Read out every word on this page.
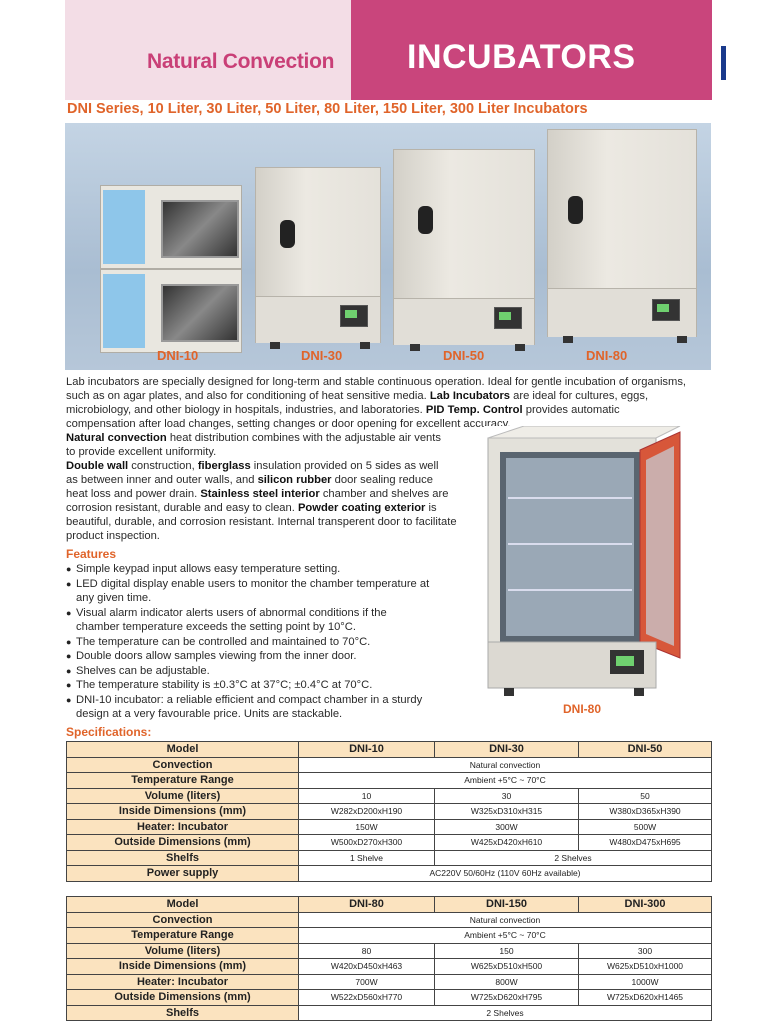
Natural Convection INCUBATORS
DNI Series, 10 Liter, 30 Liter, 50 Liter, 80 Liter, 150 Liter, 300 Liter Incubators
DNI-10	DNI-30	DNI-50	DNI-80
Lab incubators are specially designed for long-term and stable continuous operation. Ideal for gentle incubation of organisms,
such as on agar plates, and also for conditioning of heat sensitive media. Lab Incubators are ideal for cultures, eggs,
microbiology, and other biology in hospitals, industries, and laboratories. PID Temp. Control provides automatic
compensation after load changes, setting changes or door opening for excellent accuracy.
Natural convection heat distribution combines with the adjustable air vents
to provide excellent uniformity.
Double wall construction, fiberglass insulation provided on 5 sides as well
as between inner and outer walls, and silicon rubber door sealing reduce
heat loss and power drain. Stainless steel interior chamber and shelves are
corrosion resistant, durable and easy to clean. Powder coating exterior is
beautiful, durable, and corrosion resistant. Internal transperent door to facilitate
product inspection.
Features
● Simple keypad input allows easy temperature setting.
● LED digital display enable users to monitor the chamber temperature at any given time.
● Visual alarm indicator alerts users of abnormal conditions if the chamber temperature exceeds the setting point by 10°C.
● The temperature can be controlled and maintained to 70°C.
● Double doors allow samples viewing from the inner door.
● Shelves can be adjustable.
● The temperature stability is ±0.3°C at 37°C; ±0.4°C at 70°C.
● DNI-10 incubator: a reliable efficient and compact chamber in a sturdy design at a very favourable price. Units are stackable.	DNI-80
Specifications:
Model	DNI-10	DNI-30	DNI-50
Convection	Natural convection		
Temperature Range	Ambient +5°C ~ 70°C		
Volume (liters)	10	30	50
Inside Dimensions (mm)	W282xD200xH190	W325xD310xH315	W380xD365xH390
Heater: Incubator	150W	300W	500W
Outside Dimensions (mm)	W500xD270xH300	W425xD420xH610	W480xD475xH695
Shelfs	1 Shelve	2 Shelves	
Power supply	AC220V 50/60Hz (110V 60Hz available)		
Model	DNI-80	DNI-150	DNI-300
Convection	Natural convection		
Temperature Range	Ambient +5°C ~ 70°C		
Volume (liters)	80	150	300
Inside Dimensions (mm)	W420xD450xH463	W625xD510xH500	W625xD510xH1000
Heater: Incubator	700W	800W	1000W
Outside Dimensions (mm)	W522xD560xH770	W725xD620xH795	W725xD620xH1465
Shelfs	2 Shelves		
